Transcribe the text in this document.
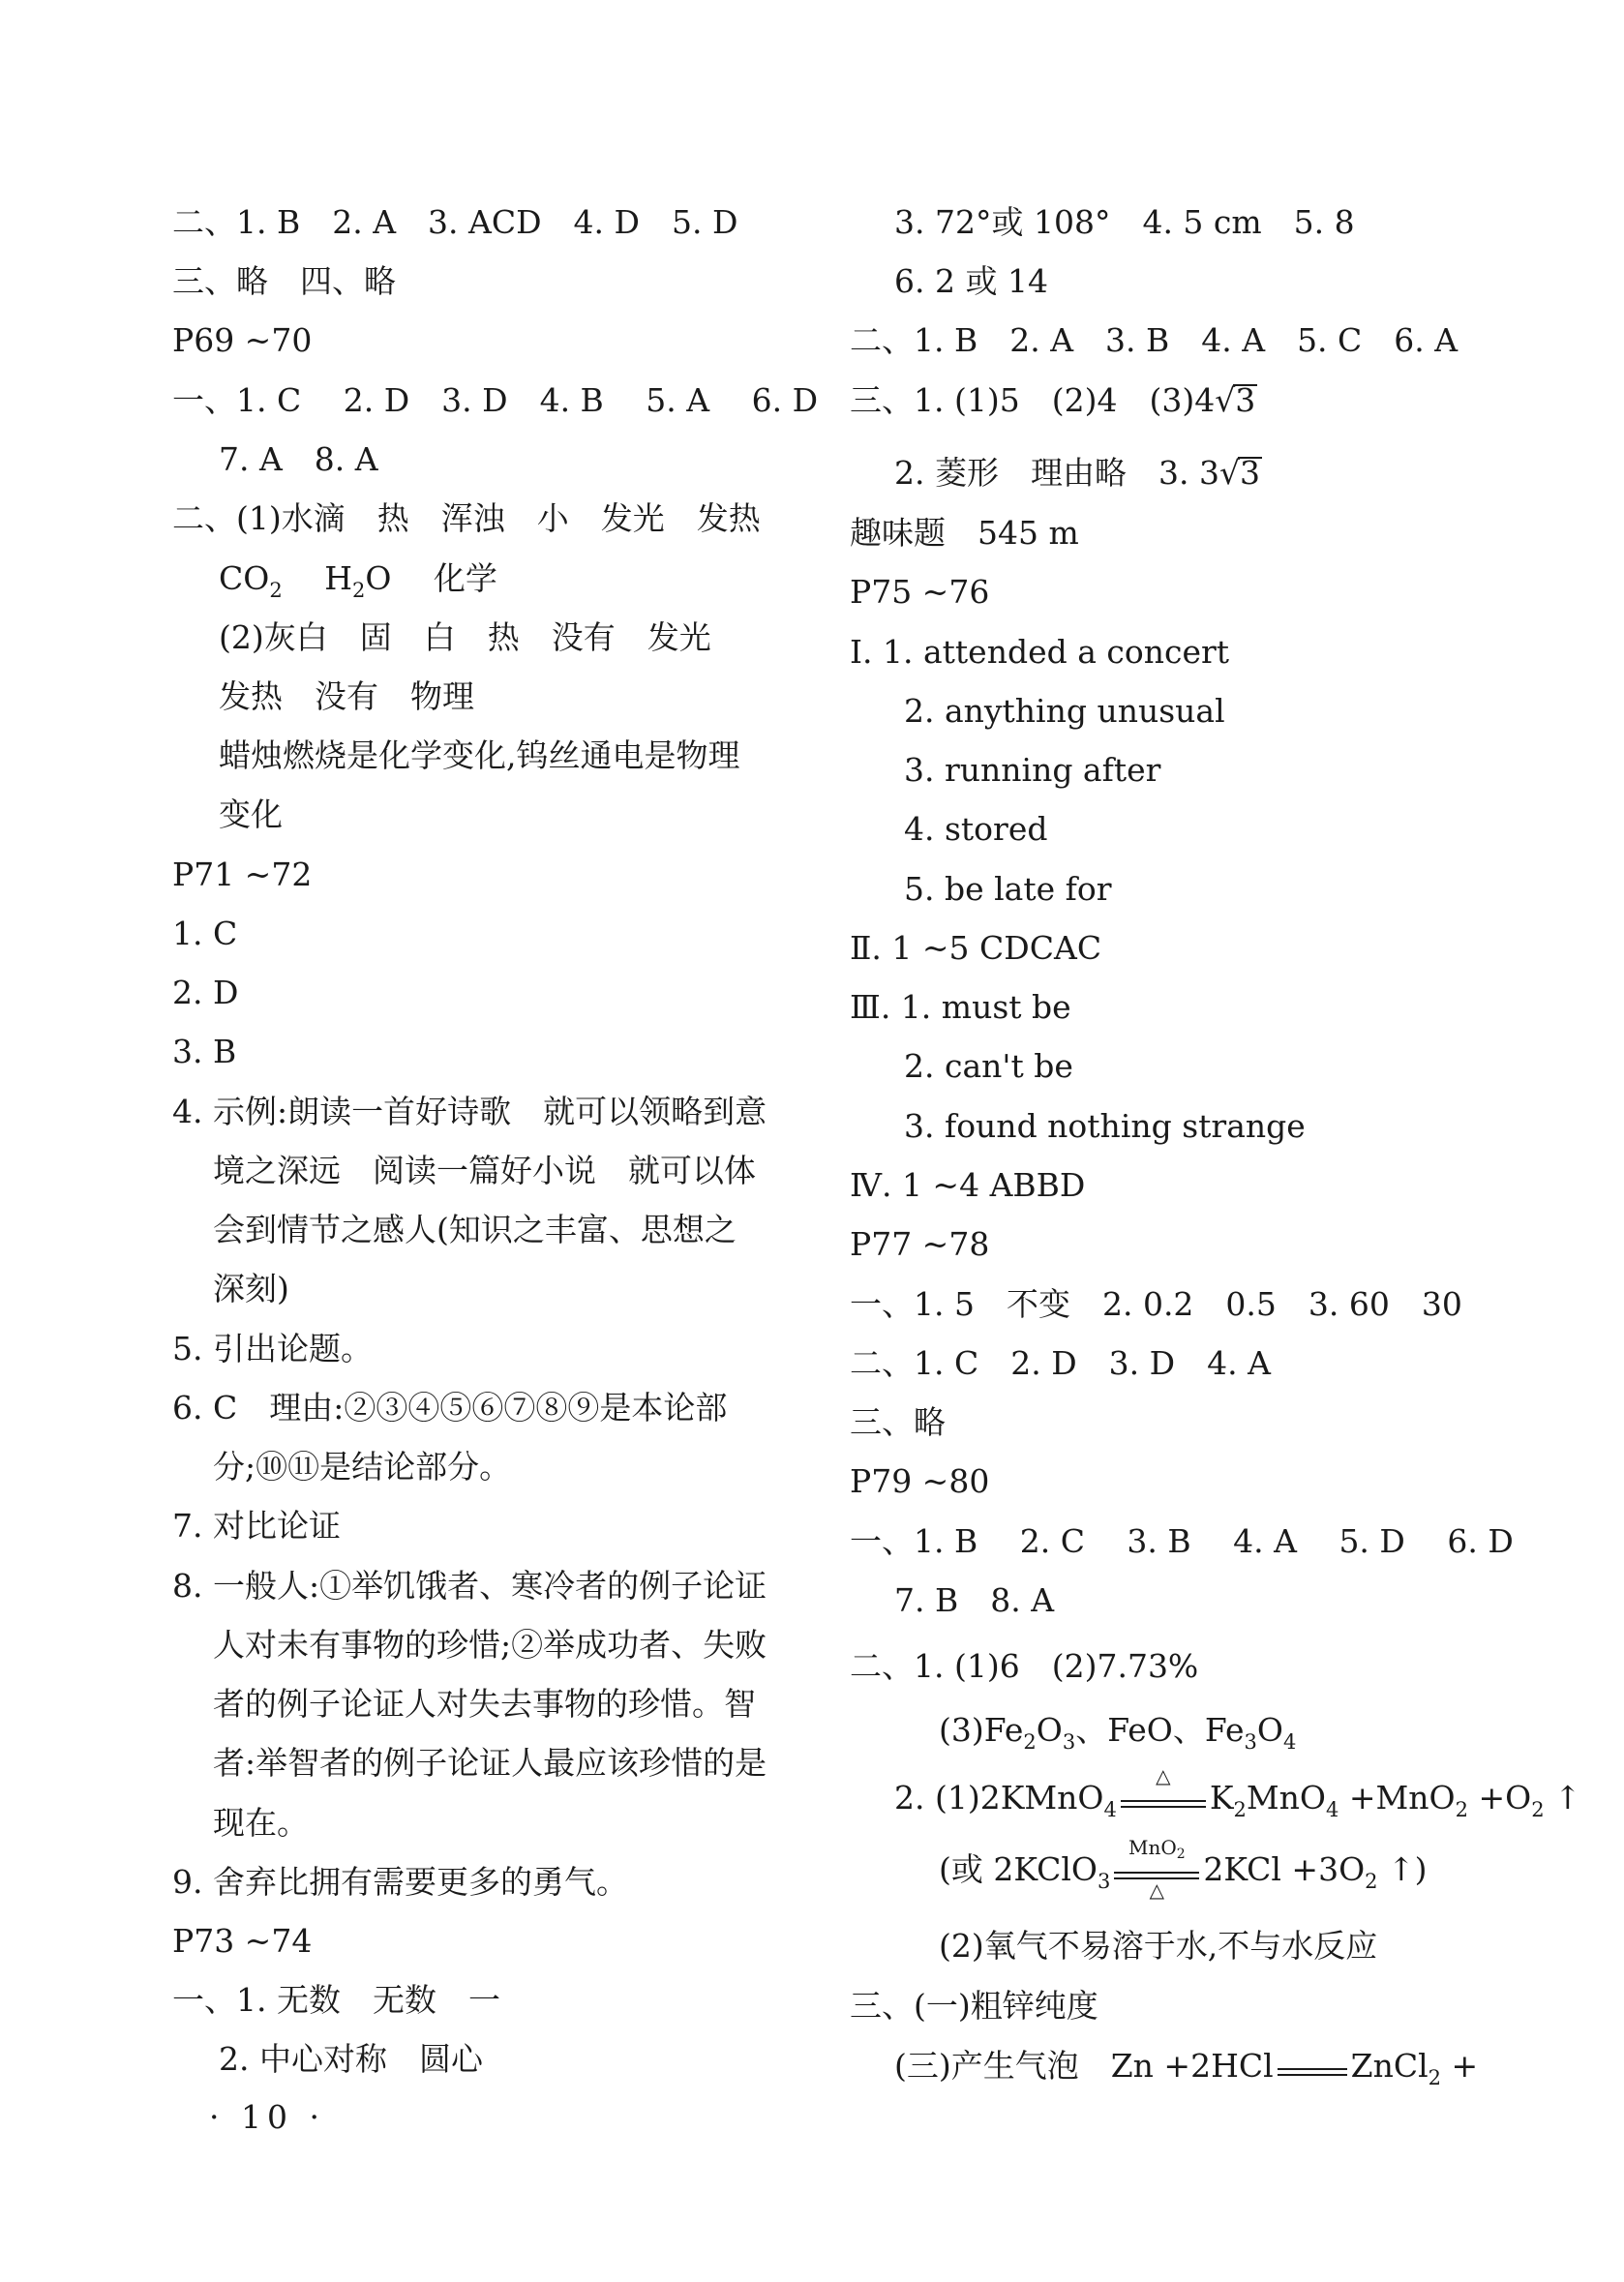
二、1. B　2. A　3. ACD　4. D　5. D
三、略　四、略
P69 ~70
一、1. C　 2. D　3. D　4. B　 5. A　 6. D
7. A　8. A
二、(1)水滴　热　浑浊　小　发光　发热
$CO_2$　 $H_2O$　 化学
(2)灰白　固　白　热　没有　发光
发热　没有　物理
蜡烛燃烧是化学变化,钨丝通电是物理
变化
P71 ~72
1. C
2. D
3. B
4. 示例:朗读一首好诗歌　就可以领略到意
境之深远　阅读一篇好小说　就可以体
会到情节之感人(知识之丰富、思想之
深刻)
5. 引出论题。
6. C　理由:②③④⑤⑥⑦⑧⑨是本论部
分;⑩⑪是结论部分。
7. 对比论证
8. 一般人:①举饥饿者、寒冷者的例子论证
人对未有事物的珍惜;②举成功者、失败
者的例子论证人对失去事物的珍惜。智
者:举智者的例子论证人最应该珍惜的是
现在。
9. 舍弃比拥有需要更多的勇气。
P73 ~74
一、1. 无数　无数　一
2. 中心对称　圆心
3. 72°或 108°　4. 5 cm　5. 8
6. 2 或 14
二、1. B　2. A　3. B　4. A　5. C　6. A
三、1. (1)5　(2)4　(3)4√3
2. 菱形　理由略　3. 3√3
趣味题　545 m
P75 ~76
Ⅰ. 1. attended a concert
2. anything unusual
3. running after
4. stored
5. be late for
Ⅱ. 1 ~5 CDCAC
Ⅲ. 1. must be
2. can't be
3. found nothing strange
Ⅳ. 1 ~4 ABBD
P77 ~78
一、1. 5　不变　2. 0.2　0.5　3. 60　30
二、1. C　2. D　3. D　4. A
三、略
P79 ~80
一、1. B　 2. C　 3. B　 4. A　 5. D　 6. D
7. B　8. A
二、1. (1)6　(2)7.73%
$(3)Fe_2O_3$、FeO、$Fe_3O_4$
2. (1)2KMnO$_4$
△
$K_2MnO_4 +MnO_2 +O_2$ ↑
(或 2KClO$_3$
MnO$_2$
△
$2KCl +3O_2$ ↑)
(2)氧气不易溶于水,不与水反应
三、(一)粗锌纯度
(三)产生气泡　Zn +2HCl ZnCl$_2$ +
· 10 ·
